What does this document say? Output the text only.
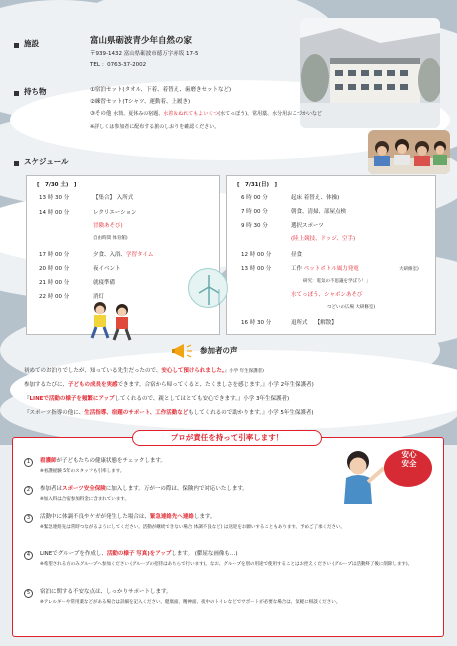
施設	富山県砺波青少年自然の家
〒939-1432 富山県砺波市徳万字赤坂 17-5
TEL ：0763-37-2002
持ち物	①宿泊セット(タオル、下着、着替え、歯磨きセットなど)
②練習セット(Tシャツ、運動着、上履き)
③その他 水筒、夏休みの宿題、水着＆ぬれてもよいくつ(水てっぽう)、常用薬、水分用おこづかいなど
※詳しくは参加者に配布する旅のしおりを確認ください。
スケジュール
[　7/30 土)　]
13 時 30 分	【集合】 入所式
14 時 00 分	レクリエーション
冒険あそび)
自由時間 体育館)
17 時 00 分	夕食、入浴、学習タイム
20 時 00 分	夜イベント
21 時 00 分	就寝準備
22 時 00 分	消灯
[　7/31(日)　]
6 時 00 分	起床 着替え、体操)
7 時 00 分	朝食、清掃、部屋点検
9 時 30 分	選択スポーツ
(陸上競技、ドッジ、空手)
12 時 00 分	昼食
13 時 00 分	工作 ペットボトル風力発電	大研修室)
研究：電気の不思議を学ぼう！」
水てっぽう、シャボンあそび
つどいの広場 大研修室)
16 時 30 分	退所式　 【解散】
参加者の声
初めてのお泊りでしたが、知っている先生だったので、安心して預けられました。』小学 年生保護者)
参加するたびに、子どもの成長を実感できます。合宿から帰ってくると、たくましさを感じます。』小学 2年生保護者)
『LINEで活動の様子を頻繁にアップしてくれるので、親としてはとても安心できます。』小学 3年生保護者)
『スポーツ指導の他に、生活指導、宿題のサポート、工作活動などもしてくれるので助かります。』小学 5年生保護者)
プロが責任を持って引率します！
1	看護師が子どもたちの健康状態をチェックします。
※看護経験 5年のスタッフも引率します。
2	参加者はスポーツ安全保険に加入します。万が一の際は、保険内で対応いたします。
※加入料は合宿参加料金に含まれています。
3	活動中に体調不良やケガが発生した場合は、緊急連絡先へ連絡します。
※緊急連絡先は常時つながるようにしてください。活動が継続できない場合 体調不良など) は送迎をお願いすることもあります。予めご了承ください。
4	LINEでグループを作成し、活動の様子 写真)をアップします。 (鬱屈な画像も…)
※希望される方のみグループへ参加ください (グループの招待はあちらで行います)。なお、グループを別の用途で使用することはお控えください (グループは活動終了後に削除します)。
5	宿泊に関する不安な点は、しっかりサポートします。
※アレルギーや常用薬などがある場合は詳細を記入ください。健康面、精神面、夜中のトイレなどでサポートが必要な場合は、気軽に相談ください。
安心
安全
